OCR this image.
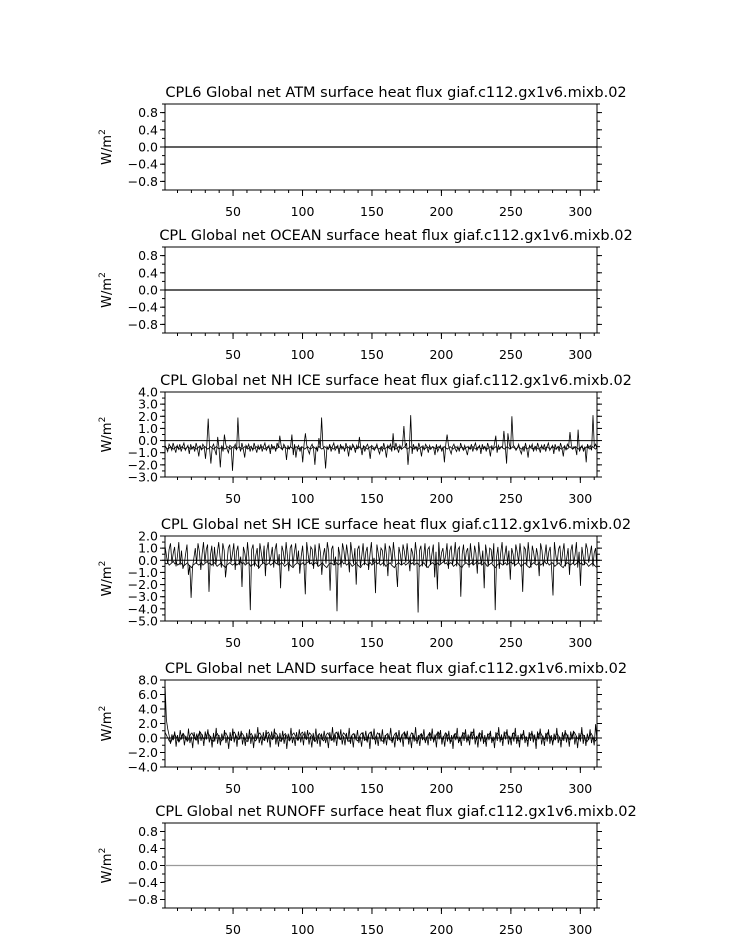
CPL6 Global net ATM surface heat flux giaf.c112.gx1v6.mixb.02
0.8
0.4
0.0
−0.4
−0.8
50	100	150	200	250	300
$W/m^2$
CPL Global net OCEAN surface heat flux giaf.c112.gx1v6.mixb.02
0.8
0.4
0.0
−0.4
−0.8
50	100	150	200	250	300
$W/m^2$
CPL Global net NH ICE surface heat flux giaf.c112.gx1v6.mixb.02
4.0
3.0
2.0
1.0
0.0
−1.0
−2.0
−3.0
50	100	150	200	250	300
$W/m^2$
CPL Global net SH ICE surface heat flux giaf.c112.gx1v6.mixb.02
2.0
1.0
0.0
−1.0
−2.0
−3.0
−4.0
−5.0
50	100	150	200	250	300
$W/m^2$
CPL Global net LAND surface heat flux giaf.c112.gx1v6.mixb.02
8.0
6.0
4.0
2.0
0.0
−2.0
−4.0
50	100	150	200	250	300
$W/m^2$
CPL Global net RUNOFF surface heat flux giaf.c112.gx1v6.mixb.02
0.8
0.4
0.0
−0.4
−0.8
50	100	150	200	250	300
$W/m^2$
